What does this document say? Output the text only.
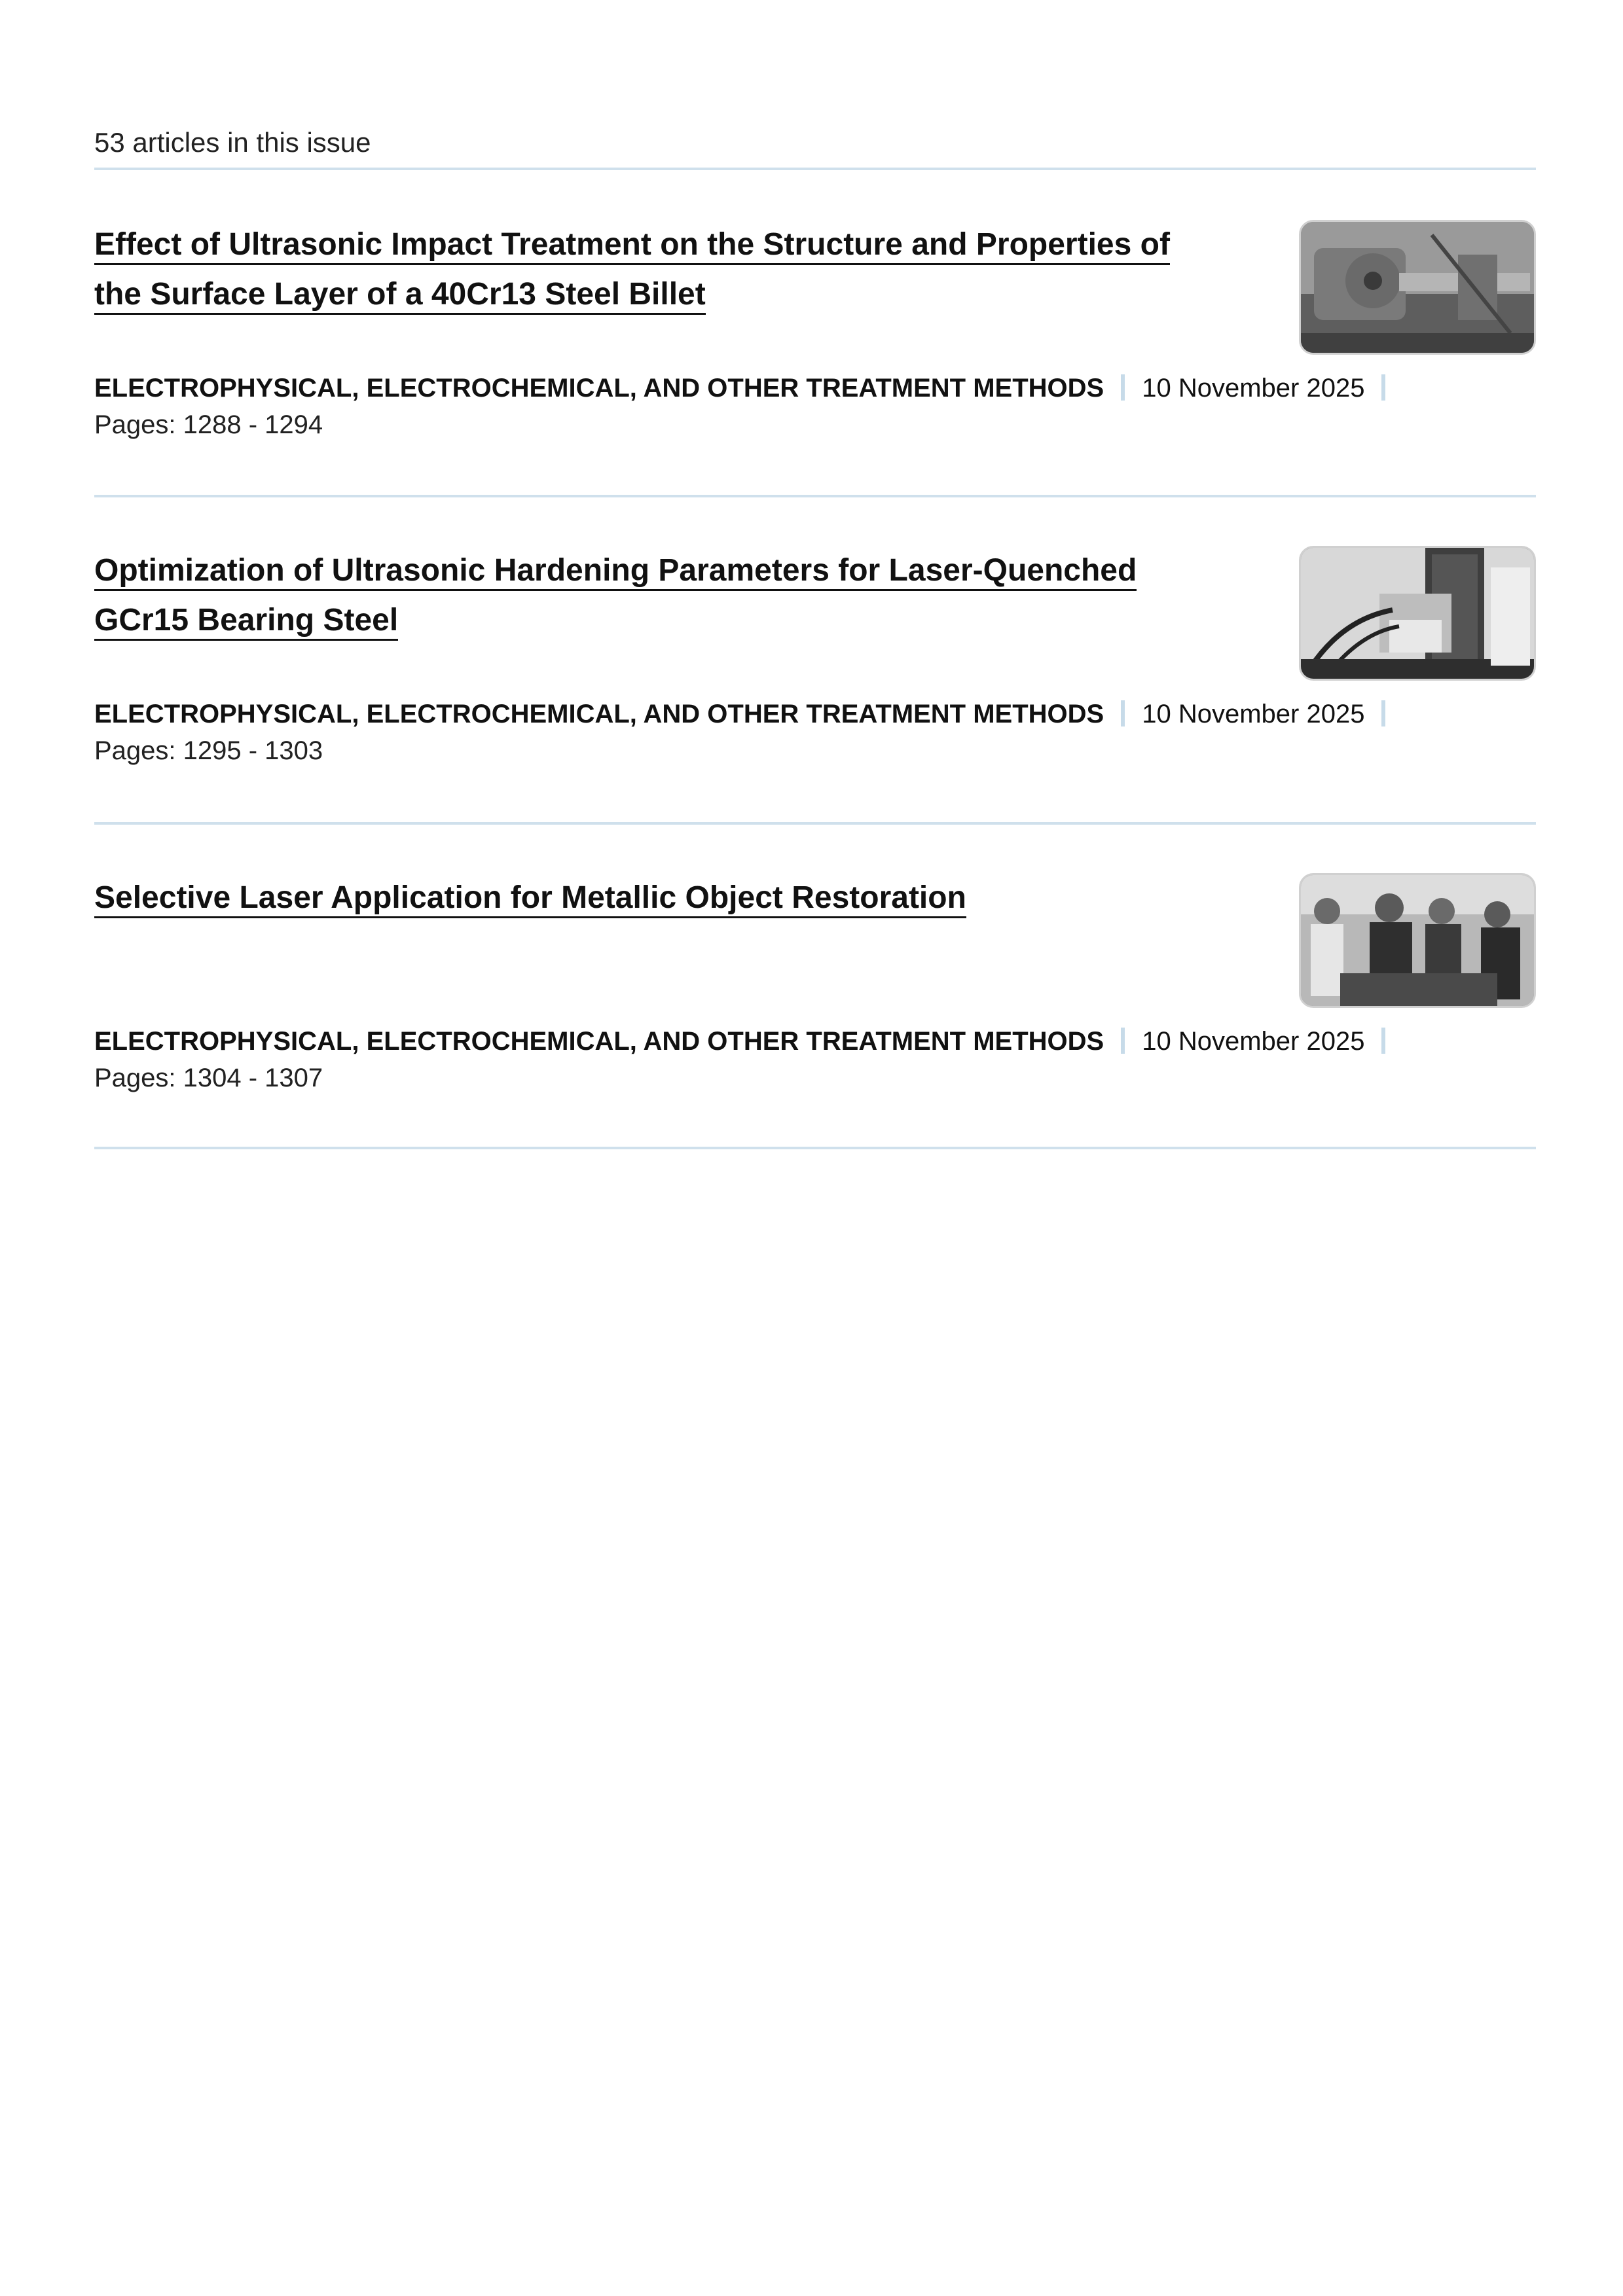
53 articles in this issue
Effect of Ultrasonic Impact Treatment on the Structure and Properties of the Surface Layer of a 40Cr13 Steel Billet
ELECTROPHYSICAL, ELECTROCHEMICAL, AND OTHER TREATMENT METHODS 10 November 2025
Pages: 1288 - 1294
Optimization of Ultrasonic Hardening Parameters for Laser-Quenched GCr15 Bearing Steel
ELECTROPHYSICAL, ELECTROCHEMICAL, AND OTHER TREATMENT METHODS 10 November 2025
Pages: 1295 - 1303
Selective Laser Application for Metallic Object Restoration
ELECTROPHYSICAL, ELECTROCHEMICAL, AND OTHER TREATMENT METHODS 10 November 2025
Pages: 1304 - 1307
